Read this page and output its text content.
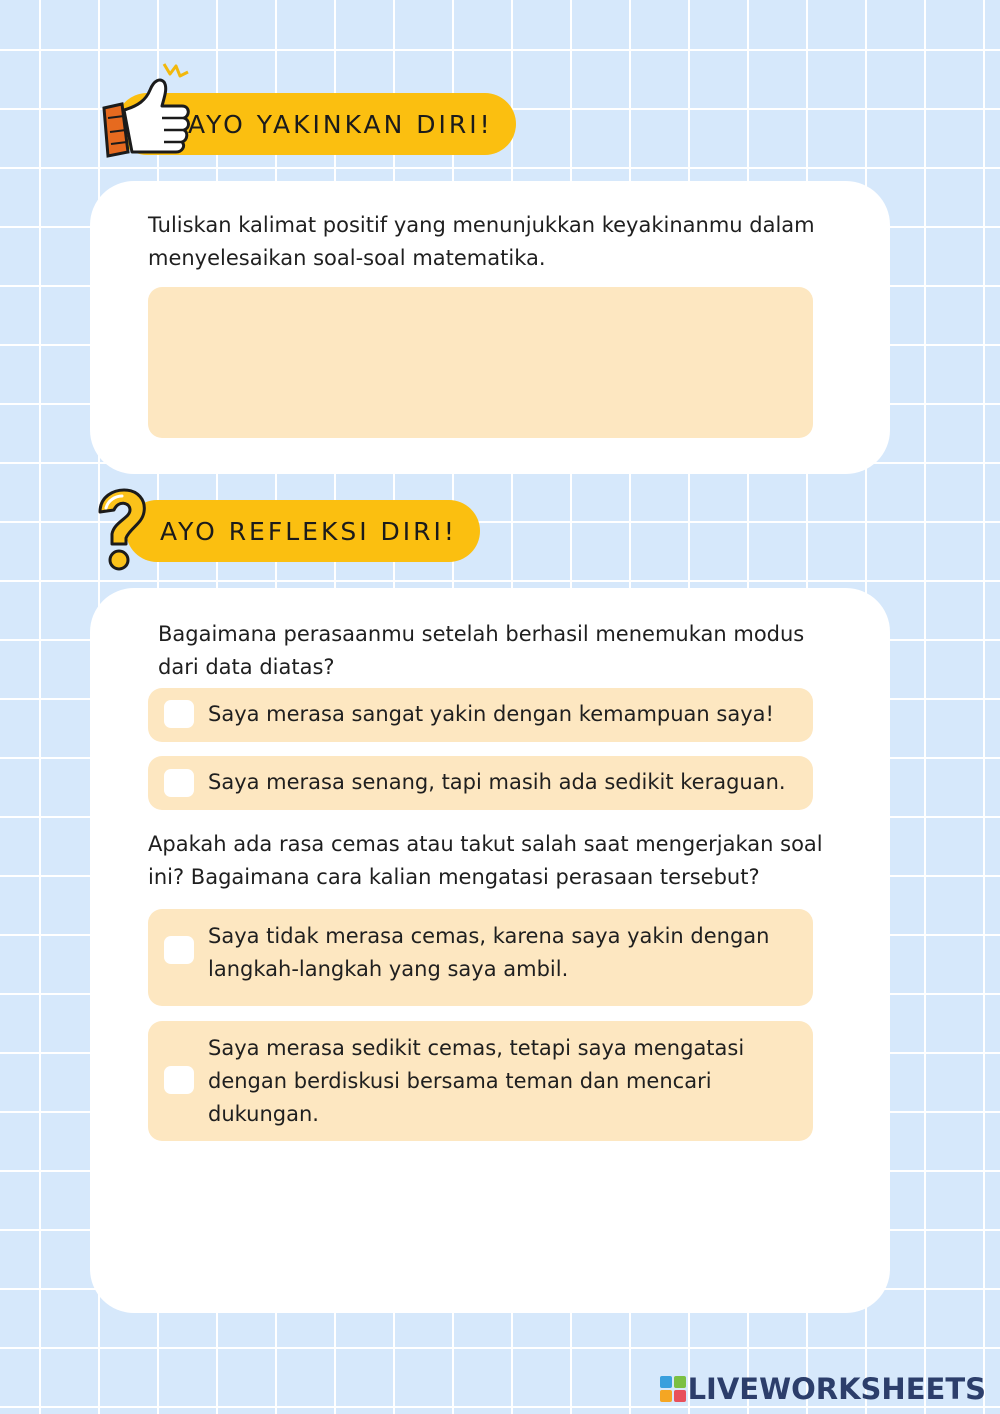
AYO YAKINKAN DIRI!
Tuliskan kalimat positif yang menunjukkan keyakinanmu dalam menyelesaikan soal-soal matematika.
AYO REFLEKSI DIRI!
Bagaimana perasaanmu setelah berhasil menemukan modus dari data diatas?
Saya merasa sangat yakin dengan kemampuan saya!
Saya merasa senang, tapi masih ada sedikit keraguan.
Apakah ada rasa cemas atau takut salah saat mengerjakan soal ini? Bagaimana cara kalian mengatasi perasaan tersebut?
Saya tidak merasa cemas, karena saya yakin dengan langkah-langkah yang saya ambil.
Saya merasa sedikit cemas, tetapi saya mengatasi dengan berdiskusi bersama teman dan mencari dukungan.
LIVEWORKSHEETS
